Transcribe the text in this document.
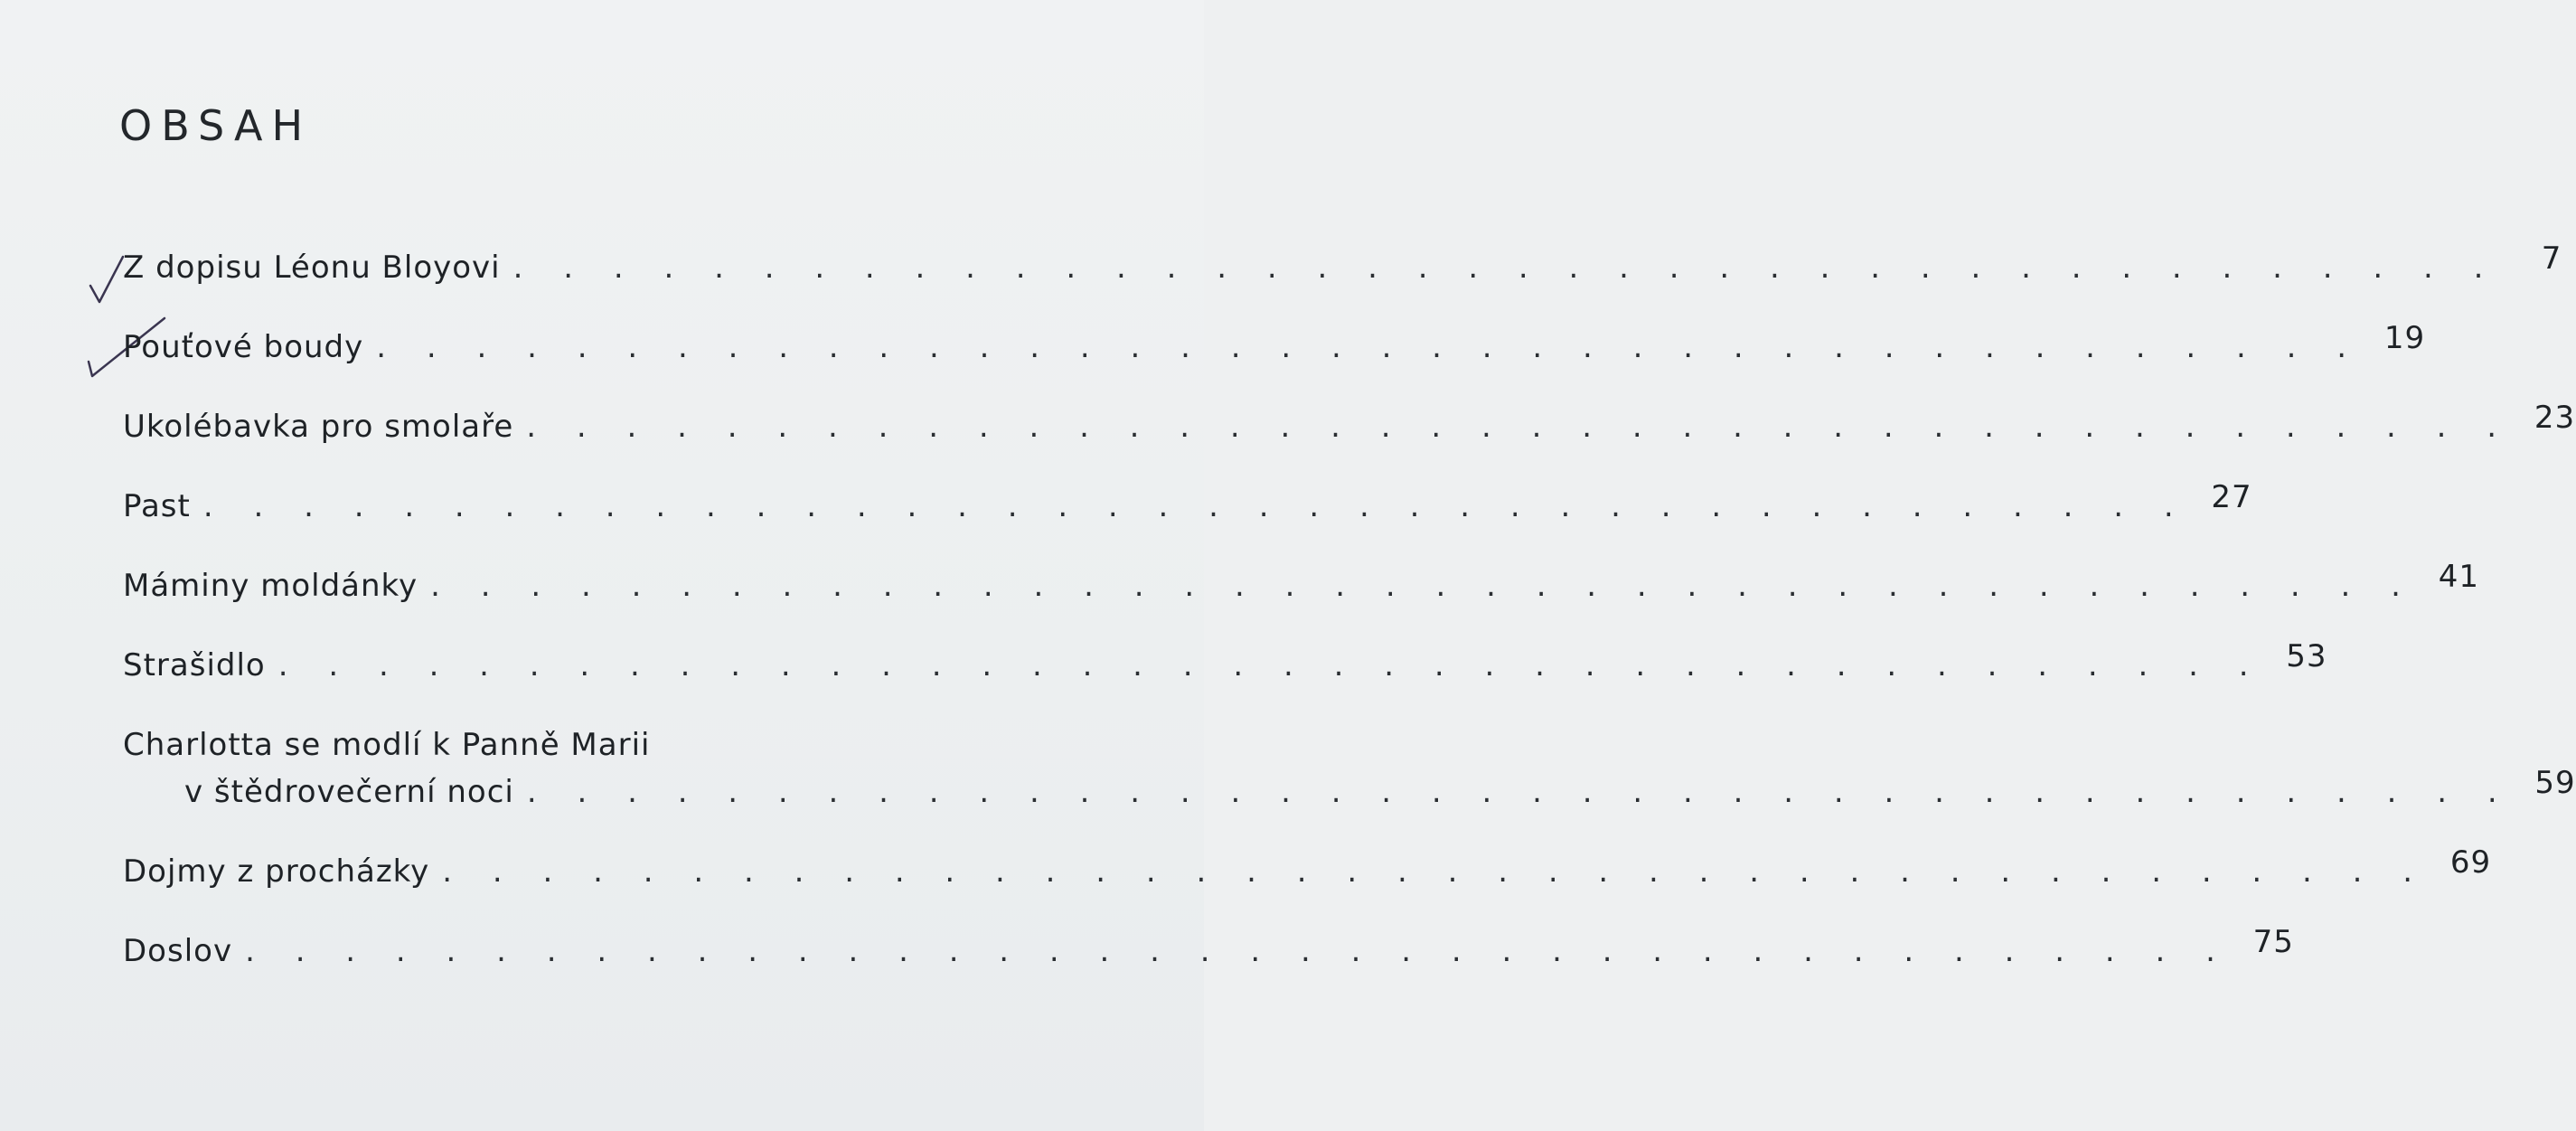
OBSAH
Z dopisu Léonu Bloyovi . . . . . . . . . . . . . . . . . . . . . . . . . . . . . . . . . . . . . . . .	7
Pouťové boudy . . . . . . . . . . . . . . . . . . . . . . . . . . . . . . . . . . . . . . . . 19
Ukolébavka pro smolaře . . . . . . . . . . . . . . . . . . . . . . . . . . . . . . . . . . . . . . . . 23
Past . . . . . . . . . . . . . . . . . . . . . . . . . . . . . . . . . . . . . . . . 27
Máminy moldánky . . . . . . . . . . . . . . . . . . . . . . . . . . . . . . . . . . . . . . . . 41
Strašidlo . . . . . . . . . . . . . . . . . . . . . . . . . . . . . . . . . . . . . . . . 53
Charlotta se modlí k Panně Marii
v štědrovečerní noci . . . . . . . . . . . . . . . . . . . . . . . . . . . . . . . . . . . . . . . . 59
Dojmy z procházky . . . . . . . . . . . . . . . . . . . . . . . . . . . . . . . . . . . . . . . . 69
Doslov . . . . . . . . . . . . . . . . . . . . . . . . . . . . . . . . . . . . . . . . 75
